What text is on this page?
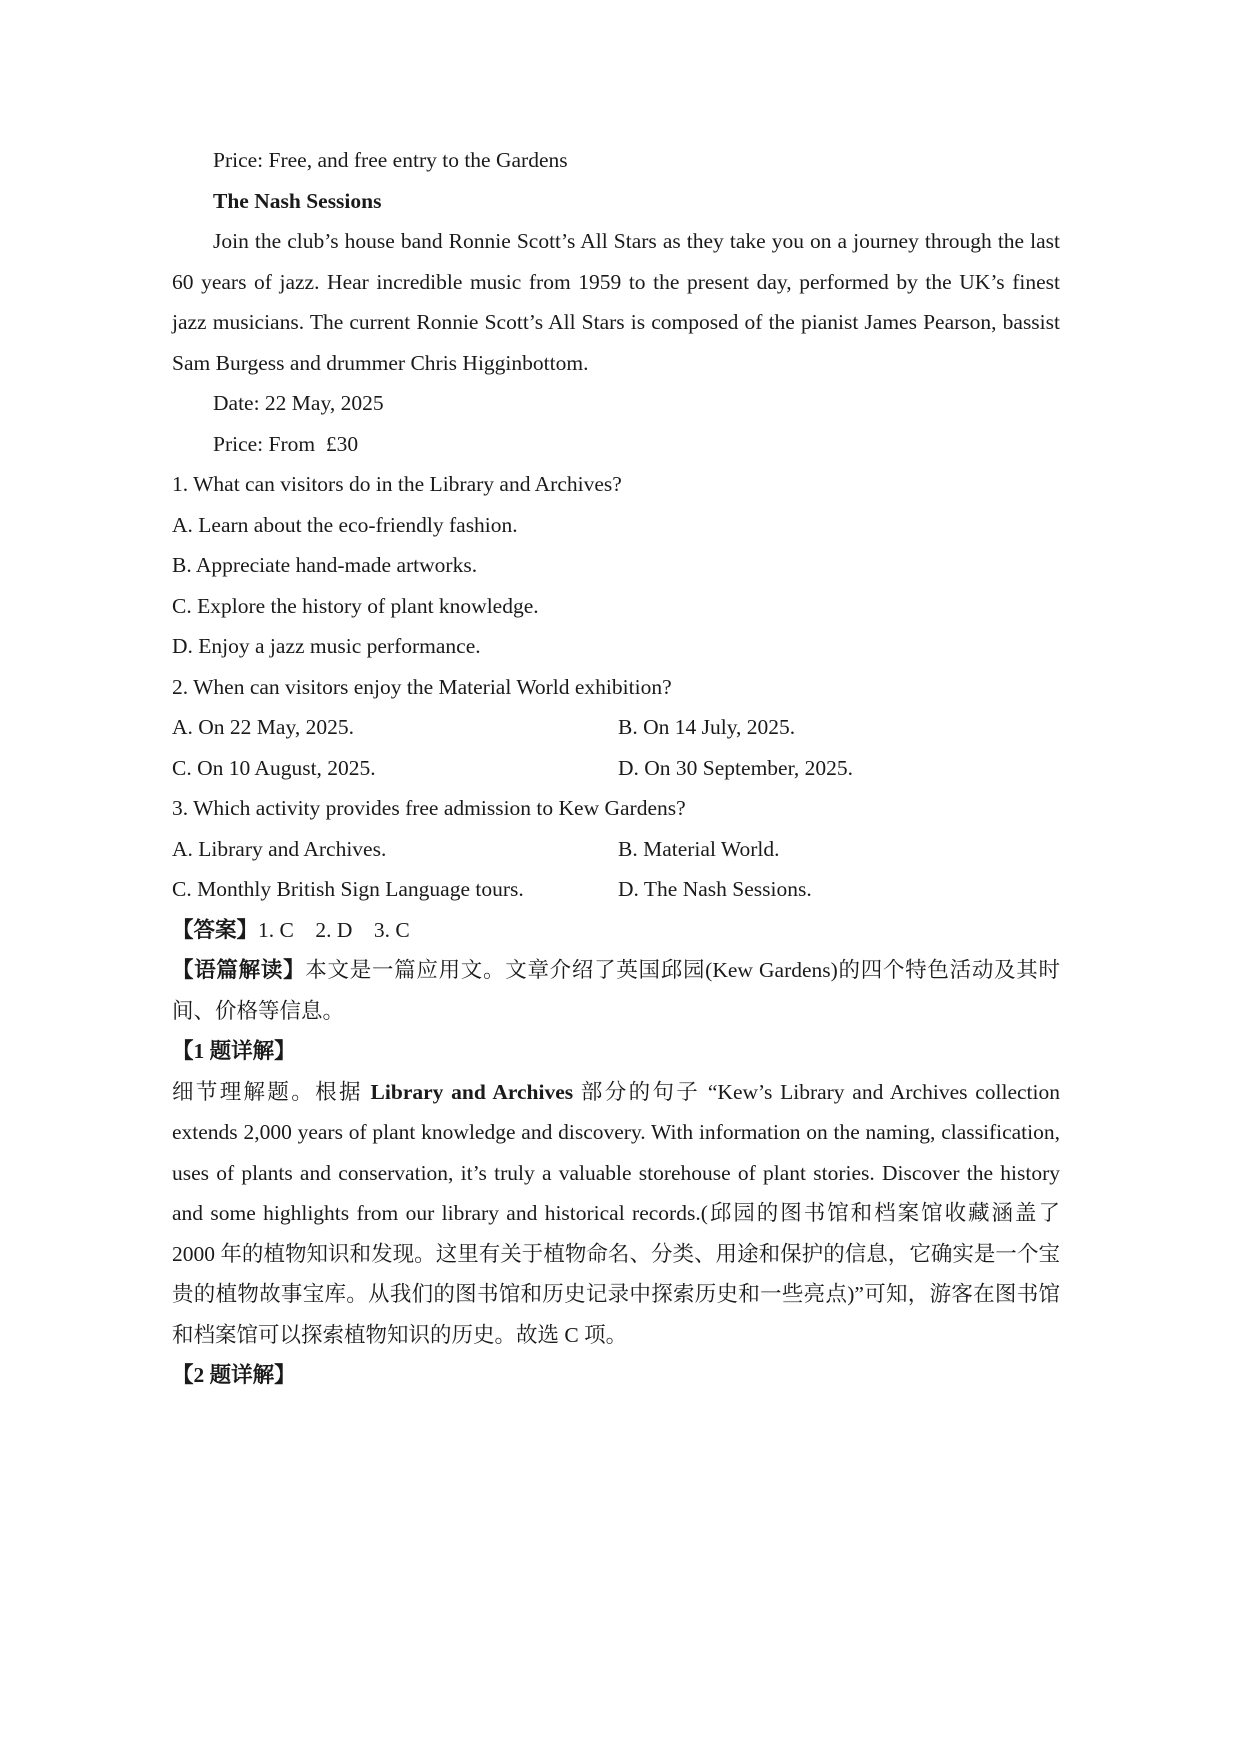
Price: Free, and free entry to the Gardens

The Nash Sessions

Join the club’s house band Ronnie Scott’s All Stars as they take you on a journey through the last 60 years of jazz. Hear incredible music from 1959 to the present day, performed by the UK’s finest jazz musicians. The current Ronnie Scott’s All Stars is composed of the pianist James Pearson, bassist Sam Burgess and drummer Chris Higginbottom.

Date: 22 May, 2025

Price: From  £30

1. What can visitors do in the Library and Archives?

A. Learn about the eco-friendly fashion.

B. Appreciate hand-made artworks.

C. Explore the history of plant knowledge.

D. Enjoy a jazz music performance.

2. When can visitors enjoy the Material World exhibition?

A. On 22 May, 2025.	B. On 14 July, 2025.
C. On 10 August, 2025.	D. On 30 September, 2025.

3. Which activity provides free admission to Kew Gardens?

A. Library and Archives.	B. Material World.
C. Monthly British Sign Language tours.	D. The Nash Sessions.

【答案】1. C　2. D　3. C

【语篇解读】本文是一篇应用文。文章介绍了英国邱园(Kew Gardens)的四个特色活动及其时间、价格等信息。

【1 题详解】

细节理解题。根据 Library and Archives 部分的句子 “Kew’s Library and Archives collection extends 2,000 years of plant knowledge and discovery. With information on the naming, classification, uses of plants and conservation, it’s truly a valuable storehouse of plant stories. Discover the history and some highlights from our library and historical records.(邱园的图书馆和档案馆收藏涵盖了 2000 年的植物知识和发现。这里有关于植物命名、分类、用途和保护的信息，它确实是一个宝贵的植物故事宝库。从我们的图书馆和历史记录中探索历史和一些亮点)”可知，游客在图书馆和档案馆可以探索植物知识的历史。故选 C 项。

【2 题详解】
